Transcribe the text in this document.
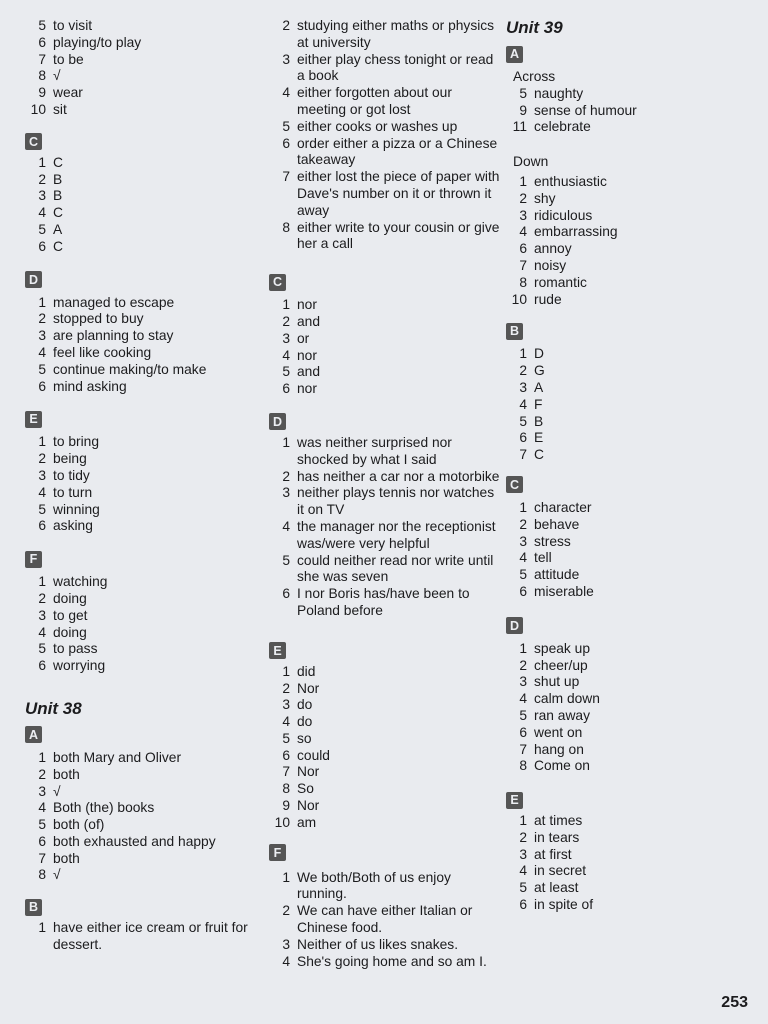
5 to visit
6 playing/to play
7 to be
8 √
9 wear
10 sit
C
1 C
2 B
3 B
4 C
5 A
6 C
D
1 managed to escape
2 stopped to buy
3 are planning to stay
4 feel like cooking
5 continue making/to make
6 mind asking
E
1 to bring
2 being
3 to tidy
4 to turn
5 winning
6 asking
F
1 watching
2 doing
3 to get
4 doing
5 to pass
6 worrying
Unit 38
A
1 both Mary and Oliver
2 both
3 √
4 Both (the) books
5 both (of)
6 both exhausted and happy
7 both
8 √
B
1 have either ice cream or fruit for dessert.
2 studying either maths or physics at university
3 either play chess tonight or read a book
4 either forgotten about our meeting or got lost
5 either cooks or washes up
6 order either a pizza or a Chinese takeaway
7 either lost the piece of paper with Dave's number on it or thrown it away
8 either write to your cousin or give her a call
C
1 nor
2 and
3 or
4 nor
5 and
6 nor
D
1 was neither surprised nor shocked by what I said
2 has neither a car nor a motorbike
3 neither plays tennis nor watches it on TV
4 the manager nor the receptionist was/were very helpful
5 could neither read nor write until she was seven
6 I nor Boris has/have been to Poland before
E
1 did
2 Nor
3 do
4 do
5 so
6 could
7 Nor
8 So
9 Nor
10 am
F
1 We both/Both of us enjoy running.
2 We can have either Italian or Chinese food.
3 Neither of us likes snakes.
4 She's going home and so am I.
Unit 39
A
Across
5 naughty
9 sense of humour
11 celebrate
Down
1 enthusiastic
2 shy
3 ridiculous
4 embarrassing
6 annoy
7 noisy
8 romantic
10 rude
B
1 D
2 G
3 A
4 F
5 B
6 E
7 C
C
1 character
2 behave
3 stress
4 tell
5 attitude
6 miserable
D
1 speak up
2 cheer/up
3 shut up
4 calm down
5 ran away
6 went on
7 hang on
8 Come on
E
1 at times
2 in tears
3 at first
4 in secret
5 at least
6 in spite of
253
